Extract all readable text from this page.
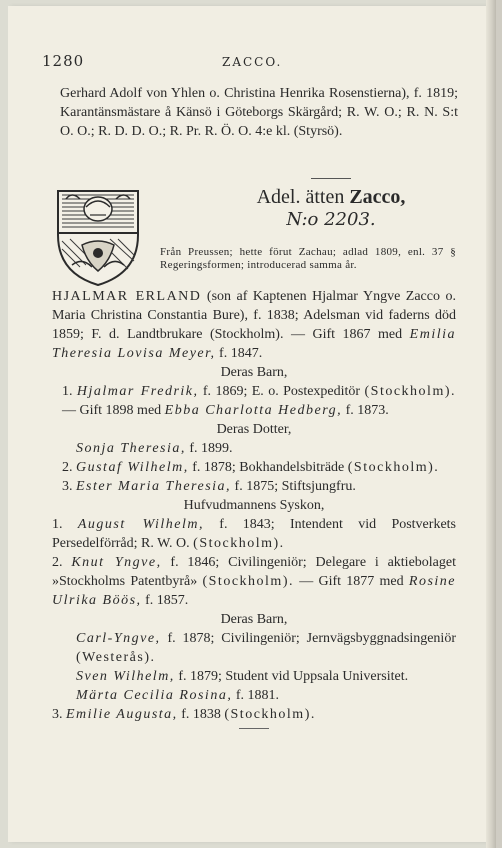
1280	ZACCO.
Gerhard Adolf von Yhlen o. Christina Henrika Rosenstierna), f. 1819; Karantänsmästare å Känsö i Göteborgs Skärgård; R. W. O.; R. N. S:t O. O.; R. D. D. O.; R. Pr. R. Ö. O. 4:e kl. (Styrsö).
Adel. ätten Zacco,
N:o 2203.
Från Preussen; hette förut Zachau; adlad 1809, enl. 37 § Regeringsformen; introducerad samma år.

HJALMAR ERLAND (son af Kaptenen Hjalmar Yngve Zacco o. Maria Christina Constantia Bure), f. 1838; Adelsman vid faderns död 1859; F. d. Landtbrukare (Stockholm). — Gift 1867 med Emilia Theresia Lovisa Meyer, f. 1847.

Deras Barn,

1. Hjalmar Fredrik, f. 1869; E. o. Postexpeditör (Stockholm). — Gift 1898 med Ebba Charlotta Hedberg, f. 1873.

Deras Dotter,

Sonja Theresia, f. 1899.

2. Gustaf Wilhelm, f. 1878; Bokhandelsbiträde (Stockholm).

3. Ester Maria Theresia, f. 1875; Stiftsjungfru.

Hufvudmannens Syskon,

1. August Wilhelm, f. 1843; Intendent vid Postverkets Persedelförråd; R. W. O. (Stockholm).

2. Knut Yngve, f. 1846; Civilingeniör; Delegare i aktiebolaget »Stockholms Patentbyrå» (Stockholm). — Gift 1877 med Rosine Ulrika Böös, f. 1857.

Deras Barn,

Carl-Yngve, f. 1878; Civilingeniör; Jernvägsbyggnadsingeniör (Westerås).

Sven Wilhelm, f. 1879; Student vid Uppsala Universitet.

Märta Cecilia Rosina, f. 1881.

3. Emilie Augusta, f. 1838 (Stockholm).
